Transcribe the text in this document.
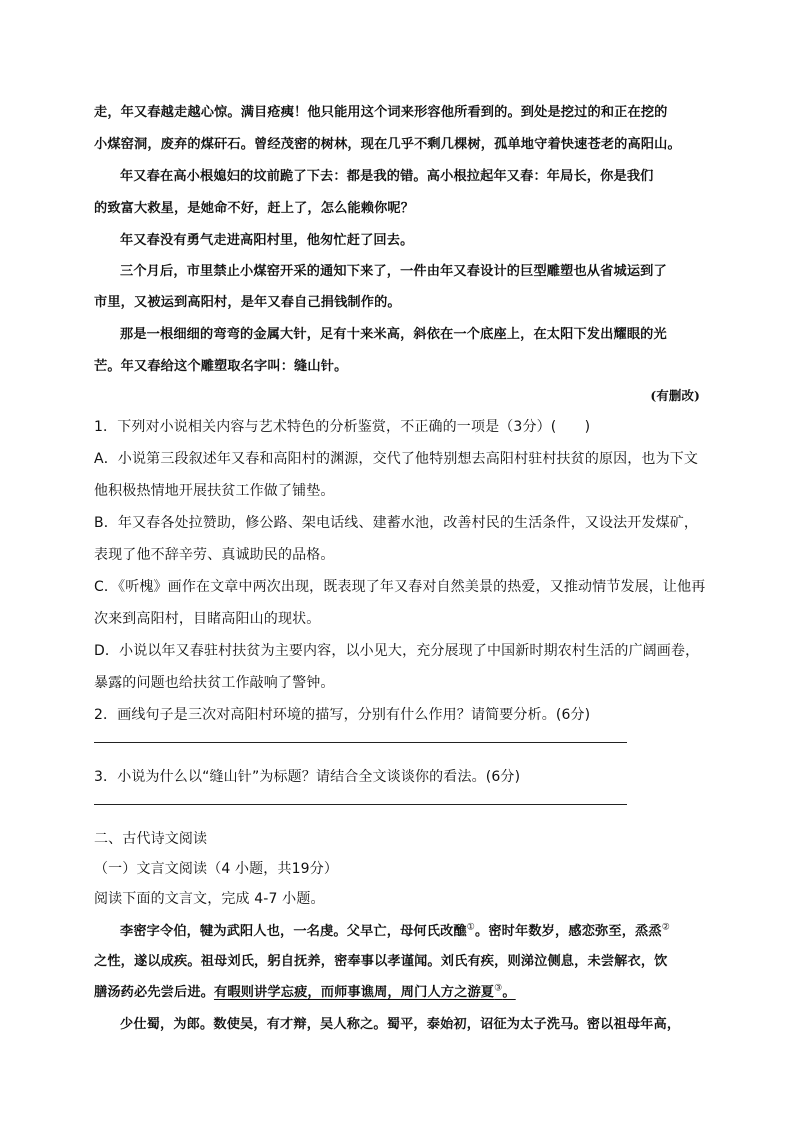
走，年又春越走越心惊。满目疮痍！他只能用这个词来形容他所看到的。到处是挖过的和正在挖的
小煤窑洞，废弃的煤矸石。曾经茂密的树林，现在几乎不剩几棵树，孤单地守着快速苍老的高阳山。
年又春在高小根媳妇的坟前跪了下去：都是我的错。高小根拉起年又春：年局长，你是我们
的致富大救星，是她命不好，赶上了，怎么能赖你呢？
年又春没有勇气走进高阳村里，他匆忙赶了回去。
三个月后，市里禁止小煤窑开采的通知下来了，一件由年又春设计的巨型雕塑也从省城运到了
市里，又被运到高阳村，是年又春自己捐钱制作的。
那是一根细细的弯弯的金属大针，足有十来米高，斜依在一个底座上，在太阳下发出耀眼的光
芒。年又春给这个雕塑取名字叫：缝山针。
(有删改)
1．下列对小说相关内容与艺术特色的分析鉴赏，不正确的一项是（3分）(　　)
A．小说第三段叙述年又春和高阳村的渊源，交代了他特别想去高阳村驻村扶贫的原因，也为下文
他积极热情地开展扶贫工作做了铺垫。
B．年又春各处拉赞助，修公路、架电话线、建蓄水池，改善村民的生活条件，又设法开发煤矿，
表现了他不辞辛劳、真诚助民的品格。
C．《听槐》画作在文章中两次出现，既表现了年又春对自然美景的热爱，又推动情节发展，让他再
次来到高阳村，目睹高阳山的现状。
D．小说以年又春驻村扶贫为主要内容，以小见大，充分展现了中国新时期农村生活的广阔画卷，
暴露的问题也给扶贫工作敲响了警钟。
2．画线句子是三次对高阳村环境的描写，分别有什么作用？请简要分析。(6分)
3．小说为什么以“缝山针”为标题？请结合全文谈谈你的看法。(6分)
二、古代诗文阅读
（一）文言文阅读（4 小题，共19分）
阅读下面的文言文，完成 4-7 小题。
李密字令伯，犍为武阳人也，一名虔。父早亡，母何氏改醮①。密时年数岁，感恋弥至，烝烝②
之性，遂以成疾。祖母刘氏，躬自抚养，密奉事以孝谨闻。刘氏有疾，则涕泣侧息，未尝解衣，饮
膳汤药必先尝后进。有暇则讲学忘疲，而师事谯周，周门人方之游夏③。
少仕蜀，为郎。数使吴，有才辩，吴人称之。蜀平，泰始初，诏征为太子洗马。密以祖母年高，
